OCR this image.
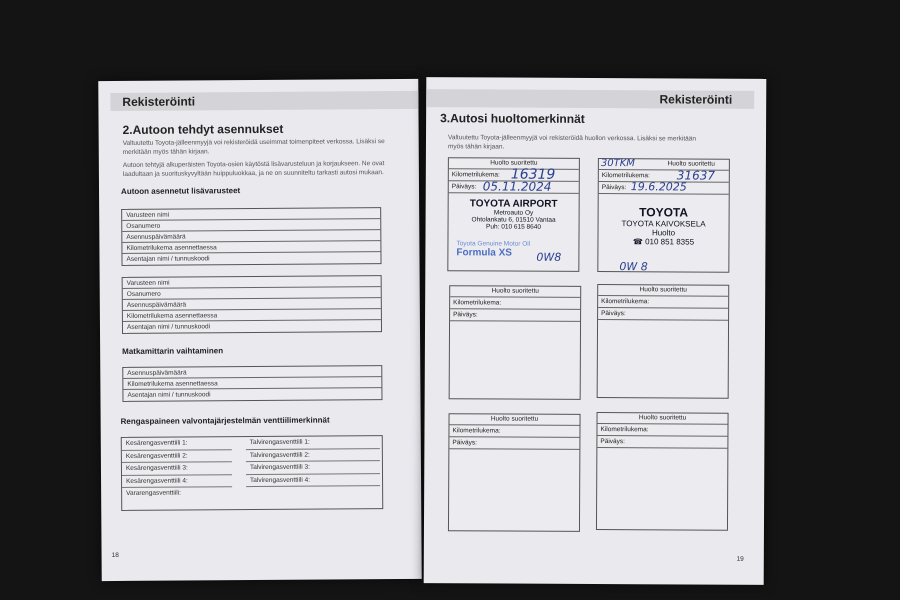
Rekisteröinti
2.Autoon tehdyt asennukset
Valtuutettu Toyota-jälleenmyyjä voi rekisteröidä useimmat toimenpiteet verkossa. Lisäksi se merkitään myös tähän kirjaan.
Autoon tehtyjä alkuperäisten Toyota-osien käytöstä lisävarusteluun ja korjaukseen. Ne ovat laadultaan ja suorituskyvyltään huippuluokkaa, ja ne on suunniteltu tarkasti autosi mukaan.
Autoon asennetut lisävarusteet
Varusteen nimi
Osanumero
Asennuspäivämäärä
Kilometrilukema asennettaessa
Asentajan nimi / tunnuskoodi
Varusteen nimi
Osanumero
Asennuspäivämäärä
Kilometrilukema asennettaessa
Asentajan nimi / tunnuskoodi
Matkamittarin vaihtaminen
Asennuspäivämäärä
Kilometrilukema asennettaessa
Asentajan nimi / tunnuskoodi
Rengaspaineen valvontajärjestelmän venttiilimerkinnät
Kesärengasventtiili 1:
Kesärengasventtiili 2:
Kesärengasventtiili 3:
Kesärengasventtiili 4:
Vararengasventtiili:
Talvirengasventtiili 1:
Talvirengasventtiili 2:
Talvirengasventtiili 3:
Talvirengasventtiili 4:
18
Rekisteröinti
3.Autosi huoltomerkinnät
Valtuutettu Toyota-jälleenmyyjä voi rekisteröidä huollon verkossa. Lisäksi se merkitään myös tähän kirjaan.
Huolto suoritettu
Kilometrilukema:
Päiväys:
16319
05.11.2024
TOYOTA AIRPORT
Metroauto Oy
Ohtolankatu 6, 01510 Vantaa
Puh: 010 615 8640
Toyota Genuine Motor Oil
Formula XS	0W8
Huolto suoritettu
Kilometrilukema:
Päiväys:
30TKM
31637
19.6.2025
TOYOTA
TOYOTA KAIVOKSELA
Huolto
☎ 010 851 8355
0W 8
Huolto suoritettu
Kilometrilukema:
Päiväys:
Huolto suoritettu
Kilometrilukema:
Päiväys:
Huolto suoritettu
Kilometrilukema:
Päiväys:
Huolto suoritettu
Kilometrilukema:
Päiväys:
19
